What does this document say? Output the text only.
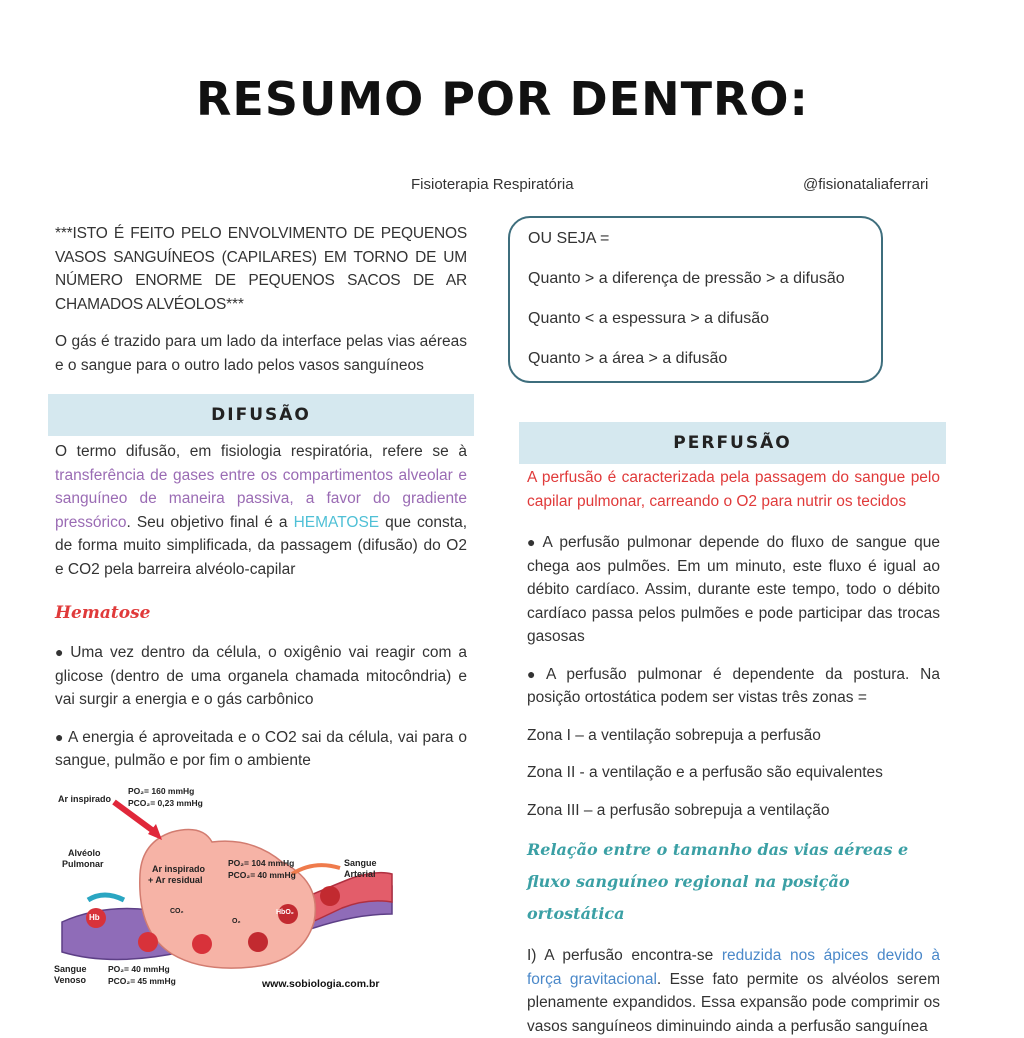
RESUMO POR DENTRO:
Fisioterapia Respiratória	@fisionataliaferrari

***ISTO É FEITO PELO ENVOLVIMENTO DE PEQUENOS VASOS SANGUÍNEOS (CAPILARES) EM TORNO DE UM NÚMERO ENORME DE PEQUENOS SACOS DE AR CHAMADOS ALVÉOLOS***

O gás é trazido para um lado da interface pelas vias aéreas e o sangue para o outro lado pelos vasos sanguíneos

DIFUSÃO

O termo difusão, em fisiologia respiratória, refere se à transferência de gases entre os compartimentos alveolar e sanguíneo de maneira passiva, a favor do gradiente pressórico. Seu objetivo final é a HEMATOSE que consta, de forma muito simplificada, da passagem (difusão) do O2 e CO2 pela barreira alvéolo-capilar

Hematose

● Uma vez dentro da célula, o oxigênio vai reagir com a glicose (dentro de uma organela chamada mitocôndria) e vai surgir a energia e o gás carbônico

● A energia é aproveitada e o CO2 sai da célula, vai para o sangue, pulmão e por fim o ambiente

Ar inspirado
PO₂= 160 mmHg
PCO₂= 0,23 mmHg
Alvéolo
Pulmonar	Ar inspirado
+ Ar residual
PO₂= 104 mmHg
PCO₂= 40 mmHg
Sangue
Arterial
Sangue
Venoso
PO₂= 40 mmHg
PCO₂= 45 mmHg
Hb
HbO₂
CO₂
O₂
www.sobiologia.com.br
OU SEJA =
Quanto > a diferença de pressão > a difusão
Quanto < a espessura > a difusão
Quanto > a área > a difusão
PERFUSÃO

A perfusão é caracterizada pela passagem do sangue pelo capilar pulmonar, carreando o O2 para nutrir os tecidos

● A perfusão pulmonar depende do fluxo de sangue que chega aos pulmões. Em um minuto, este fluxo é igual ao débito cardíaco. Assim, durante este tempo, todo o débito cardíaco passa pelos pulmões e pode participar das trocas gasosas

● A perfusão pulmonar é dependente da postura. Na posição ortostática podem ser vistas três zonas =

Zona I – a ventilação sobrepuja a perfusão
Zona II - a ventilação e a perfusão são equivalentes
Zona III – a perfusão sobrepuja a ventilação
Relação entre o tamanho das vias aéreas e fluxo sanguíneo regional na posição ortostática

I) A perfusão encontra-se reduzida nos ápices devido à força gravitacional. Esse fato permite os alvéolos serem plenamente expandidos. Essa expansão pode comprimir os vasos sanguíneos diminuindo ainda a perfusão sanguínea
